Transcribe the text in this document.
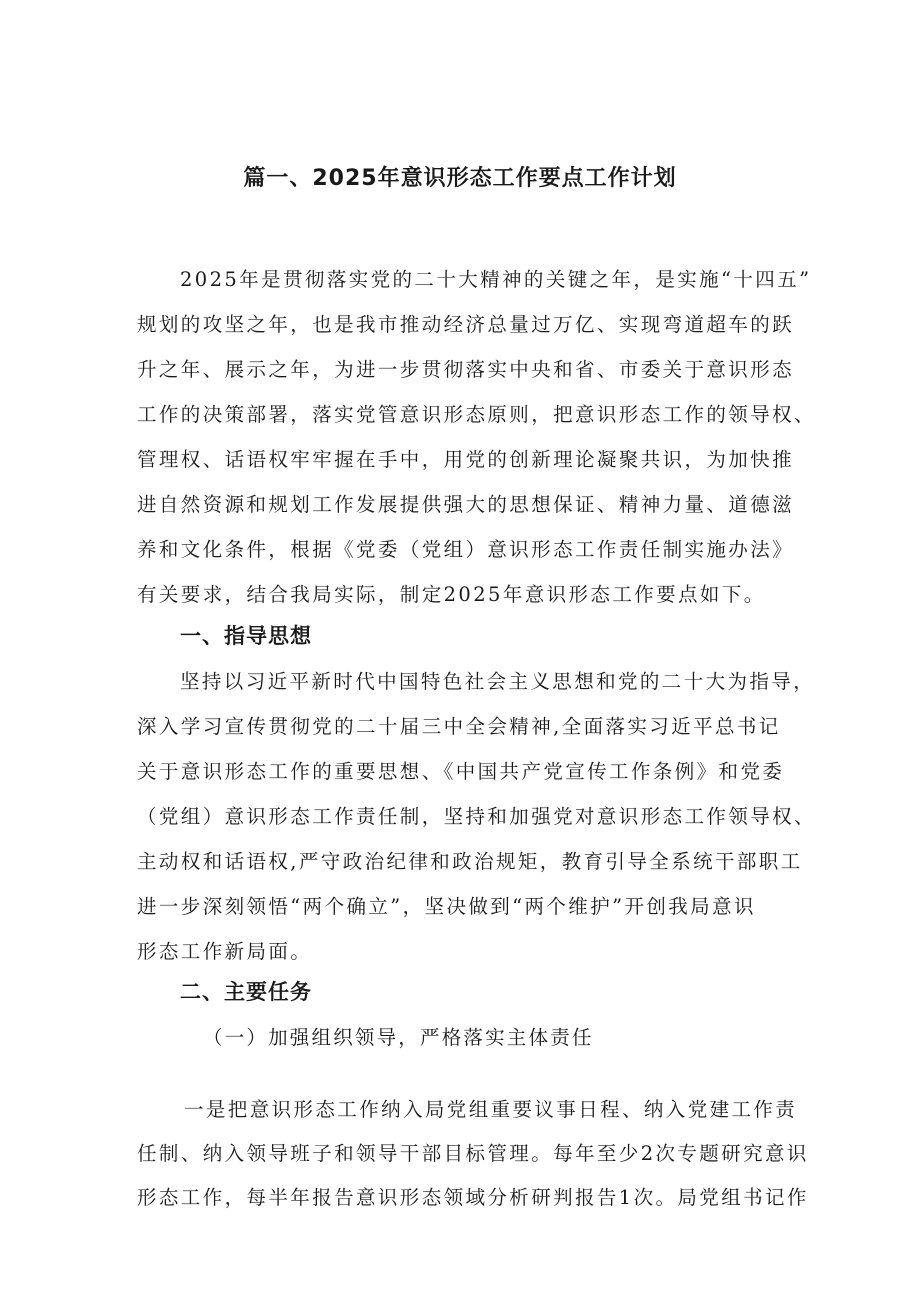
篇一、2025年意识形态工作要点工作计划
2025年是贯彻落实党的二十大精神的关键之年，是实施“十四五”
规划的攻坚之年，也是我市推动经济总量过万亿、实现弯道超车的跃
升之年、展示之年，为进一步贯彻落实中央和省、市委关于意识形态
工作的决策部署，落实党管意识形态原则，把意识形态工作的领导权、
管理权、话语权牢牢握在手中，用党的创新理论凝聚共识，为加快推
进自然资源和规划工作发展提供强大的思想保证、精神力量、道德滋
养和文化条件，根据《党委（党组）意识形态工作责任制实施办法》
有关要求，结合我局实际，制定2025年意识形态工作要点如下。
一、指导思想
坚持以习近平新时代中国特色社会主义思想和党的二十大为指导，
深入学习宣传贯彻党的二十届三中全会精神,全面落实习近平总书记
关于意识形态工作的重要思想、《中国共产党宣传工作条例》和党委
（党组）意识形态工作责任制，坚持和加强党对意识形态工作领导权、
主动权和话语权,严守政治纪律和政治规矩，教育引导全系统干部职工
进一步深刻领悟“两个确立”，坚决做到“两个维护”开创我局意识
形态工作新局面。
二、主要任务
（一）加强组织领导，严格落实主体责任
一是把意识形态工作纳入局党组重要议事日程、纳入党建工作责
任制、纳入领导班子和领导干部目标管理。每年至少2次专题研究意识
形态工作，每半年报告意识形态领域分析研判报告1次。局党组书记作
